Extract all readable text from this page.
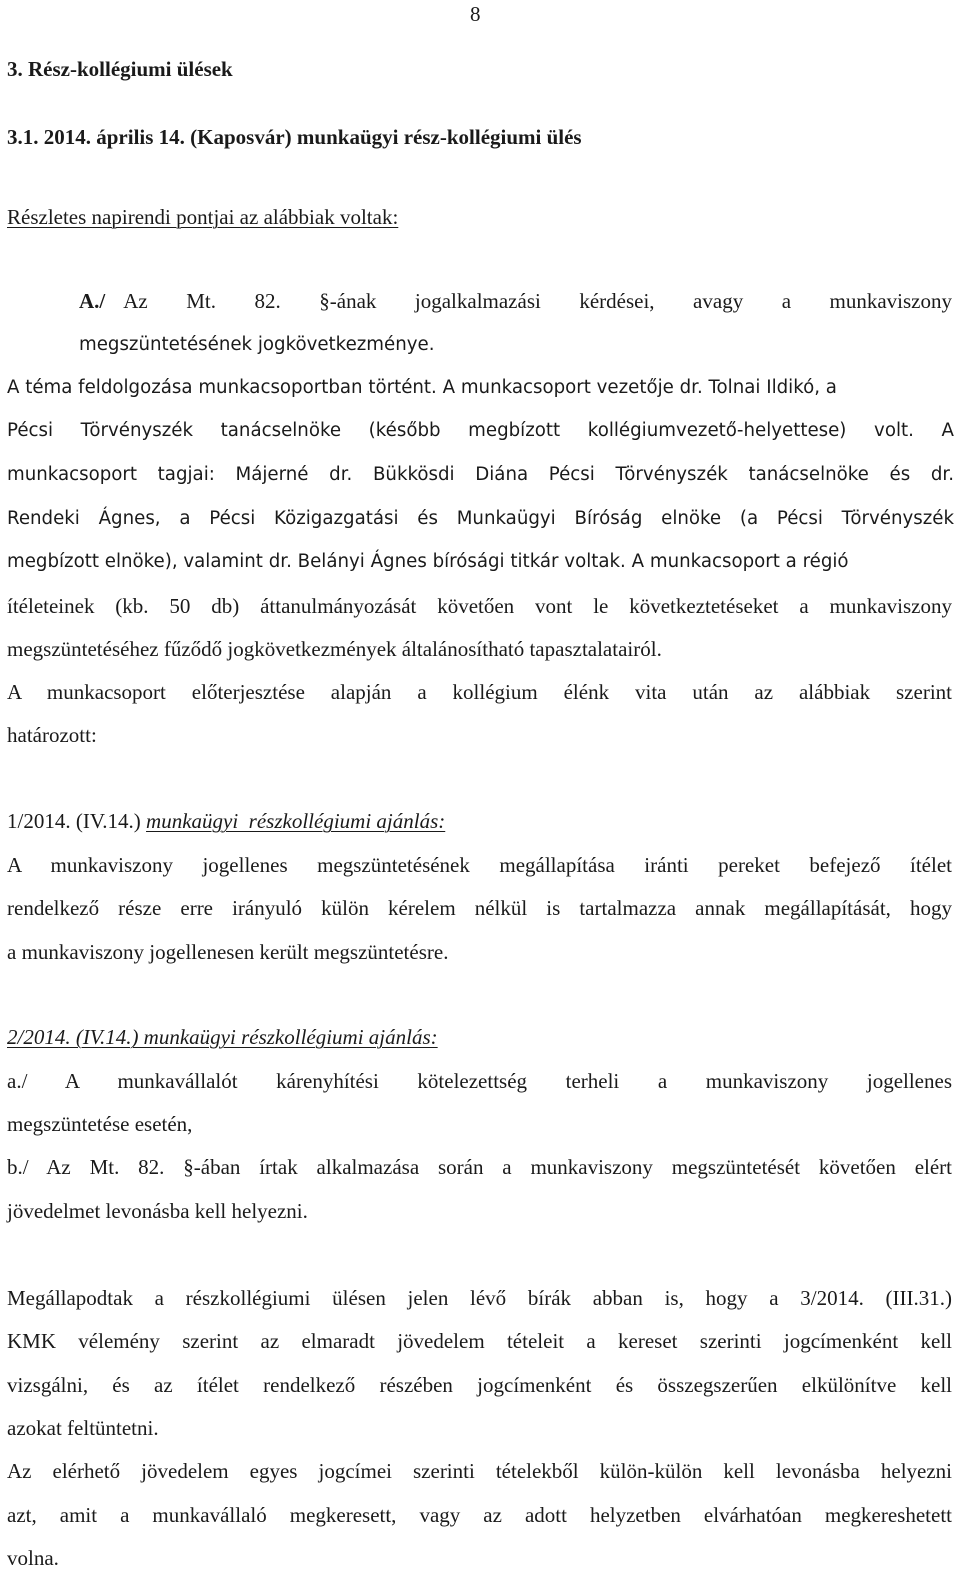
8
3. Rész-kollégiumi ülések
3.1. 2014. április 14. (Kaposvár) munkaügyi rész-kollégiumi ülés
Részletes napirendi pontjai az alábbiak voltak:
A./ Az Mt. 82. §-ának jogalkalmazási kérdései, avagy a munkaviszony
megszüntetésének jogkövetkezménye.
A téma feldolgozása munkacsoportban történt. A munkacsoport vezetője dr. Tolnai Ildikó, a
Pécsi Törvényszék tanácselnöke (később megbízott kollégiumvezető-helyettese) volt. A
munkacsoport tagjai: Májerné dr. Bükkösdi Diána Pécsi Törvényszék tanácselnöke és dr.
Rendeki Ágnes, a Pécsi Közigazgatási és Munkaügyi Bíróság elnöke (a Pécsi Törvényszék
megbízott elnöke), valamint dr. Belányi Ágnes bírósági titkár voltak. A munkacsoport a régió
ítéleteinek (kb. 50 db) áttanulmányozását követően vont le következtetéseket a munkaviszony
megszüntetéséhez fűződő jogkövetkezmények általánosítható tapasztalatairól.
A munkacsoport előterjesztése alapján a kollégium élénk vita után az alábbiak szerint
határozott:
1/2014. (IV.14.) munkaügyi  részkollégiumi ajánlás:
A munkaviszony jogellenes megszüntetésének megállapítása iránti pereket befejező ítélet
rendelkező része erre irányuló külön kérelem nélkül is tartalmazza annak megállapítását, hogy
a munkaviszony jogellenesen került megszüntetésre.
2/2014. (IV.14.) munkaügyi részkollégiumi ajánlás:
a./ A munkavállalót kárenyhítési kötelezettség terheli a munkaviszony jogellenes
megszüntetése esetén,
b./ Az Mt. 82. §-ában írtak alkalmazása során a munkaviszony megszüntetését követően elért
jövedelmet levonásba kell helyezni.
Megállapodtak a részkollégiumi ülésen jelen lévő bírák abban is, hogy a 3/2014. (III.31.)
KMK vélemény szerint az elmaradt jövedelem tételeit a kereset szerinti jogcímenként kell
vizsgálni, és az ítélet rendelkező részében jogcímenként és összegszerűen elkülönítve kell
azokat feltüntetni.
Az elérhető jövedelem egyes jogcímei szerinti tételekből külön-külön kell levonásba helyezni
azt, amit a munkavállaló megkeresett, vagy az adott helyzetben elvárhatóan megkereshetett
volna.
